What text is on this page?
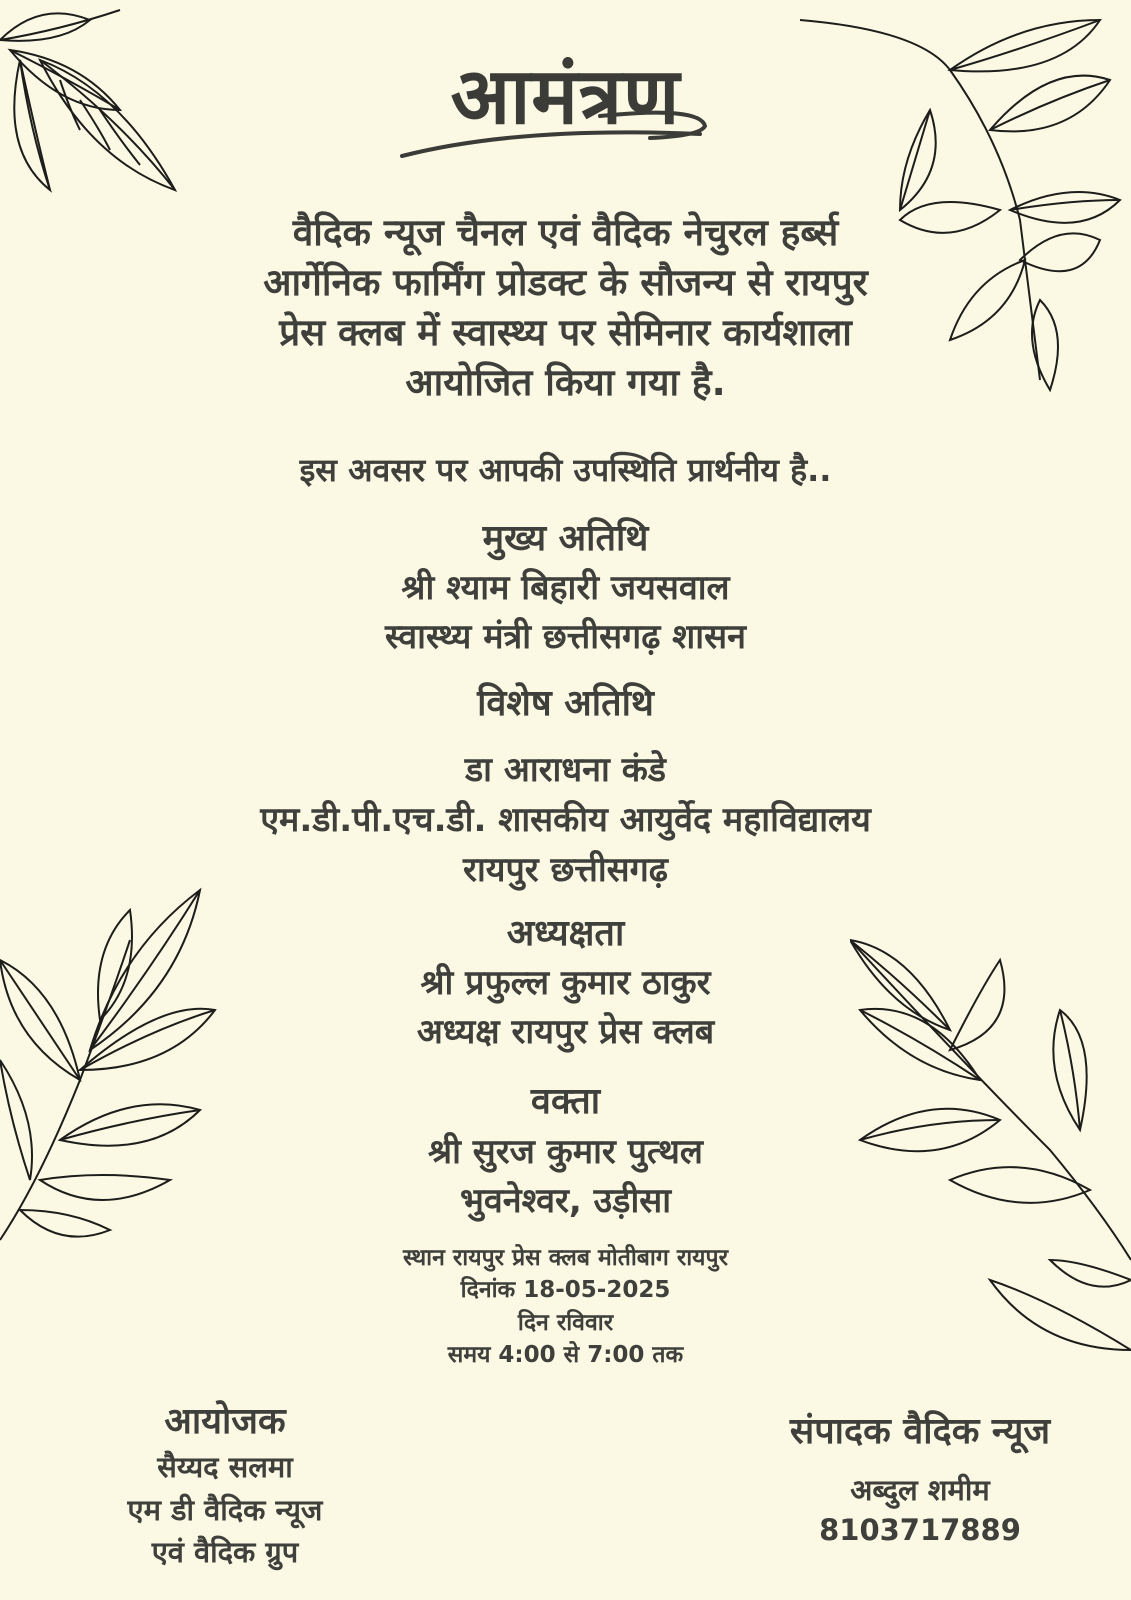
आमंत्रण
वैदिक न्यूज चैनल एवं वैदिक नेचुरल हर्ब्स
आर्गेनिक फार्मिंग प्रोडक्ट के सौजन्य से रायपुर
प्रेस क्लब में स्वास्थ्य पर सेमिनार कार्यशाला
आयोजित किया गया है.
इस अवसर पर आपकी उपस्थिति प्रार्थनीय है..
मुख्य अतिथि
श्री श्याम बिहारी जयसवाल
स्वास्थ्य मंत्री छत्तीसगढ़ शासन
विशेष अतिथि
डा आराधना कंडे
एम.डी.पी.एच.डी. शासकीय आयुर्वेद महाविद्यालय
रायपुर छत्तीसगढ़
अध्यक्षता
श्री प्रफुल्ल कुमार ठाकुर
अध्यक्ष रायपुर प्रेस क्लब
वक्ता
श्री सुरज कुमार पुत्थल
भुवनेश्वर, उड़ीसा
स्थान रायपुर प्रेस क्लब मोतीबाग रायपुर
दिनांक 18-05-2025
दिन रविवार
समय 4:00 से 7:00 तक
आयोजक
सैय्यद सलमा
एम डी वैदिक न्यूज
एवं वैदिक ग्रुप
संपादक वैदिक न्यूज
अब्दुल शमीम
8103717889
